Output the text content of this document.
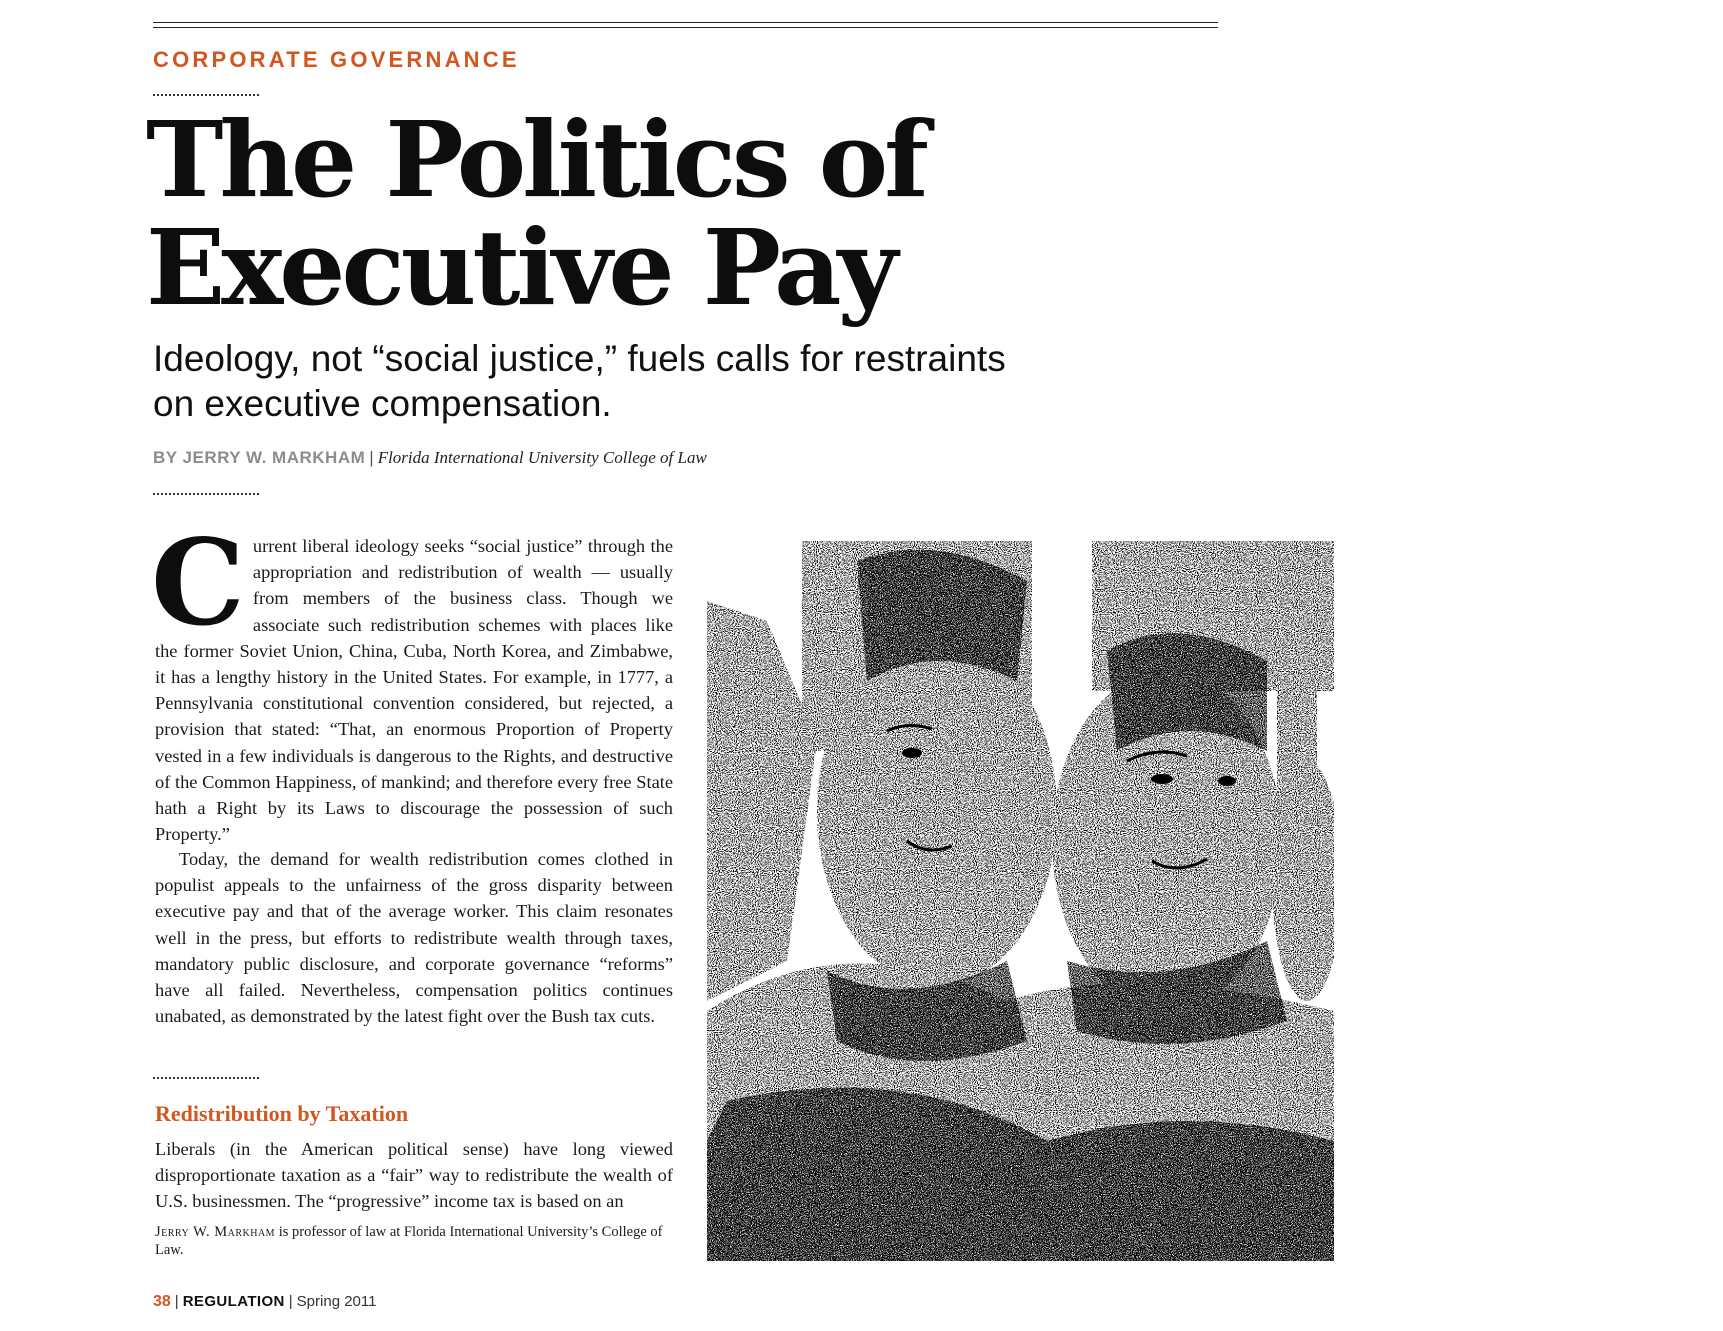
CORPORATE GOVERNANCE
The Politics of
Executive Pay

Ideology, not “social justice,” fuels calls for restraints
on executive compensation.

BY JERRY W. MARKHAM | Florida International University College of Law

Current liberal ideology seeks “social justice” through the appropriation and redistribution of wealth — usually from members of the business class. Though we associate such redistribution schemes with places like the former Soviet Union, China, Cuba, North Korea, and Zimbabwe, it has a lengthy history in the United States. For example, in 1777, a Pennsylvania constitutional convention considered, but rejected, a provision that stated: “That, an enormous Proportion of Property vested in a few individuals is dangerous to the Rights, and destructive of the Common Happiness, of mankind; and therefore every free State hath a Right by its Laws to discourage the possession of such Property.”

Today, the demand for wealth redistribution comes clothed in populist appeals to the unfairness of the gross disparity between executive pay and that of the average worker. This claim resonates well in the press, but efforts to redistribute wealth through taxes, mandatory public disclosure, and corporate governance “reforms” have all failed. Nevertheless, compensation politics continues unabated, as demonstrated by the latest fight over the Bush tax cuts.

Redistribution by Taxation

Liberals (in the American political sense) have long viewed disproportionate taxation as a “fair” way to redistribute the wealth of U.S. businessmen. The “progressive” income tax is based on an

Jerry W. Markham is professor of law at Florida International University’s College of Law.

38 | REGULATION | Spring 2011
